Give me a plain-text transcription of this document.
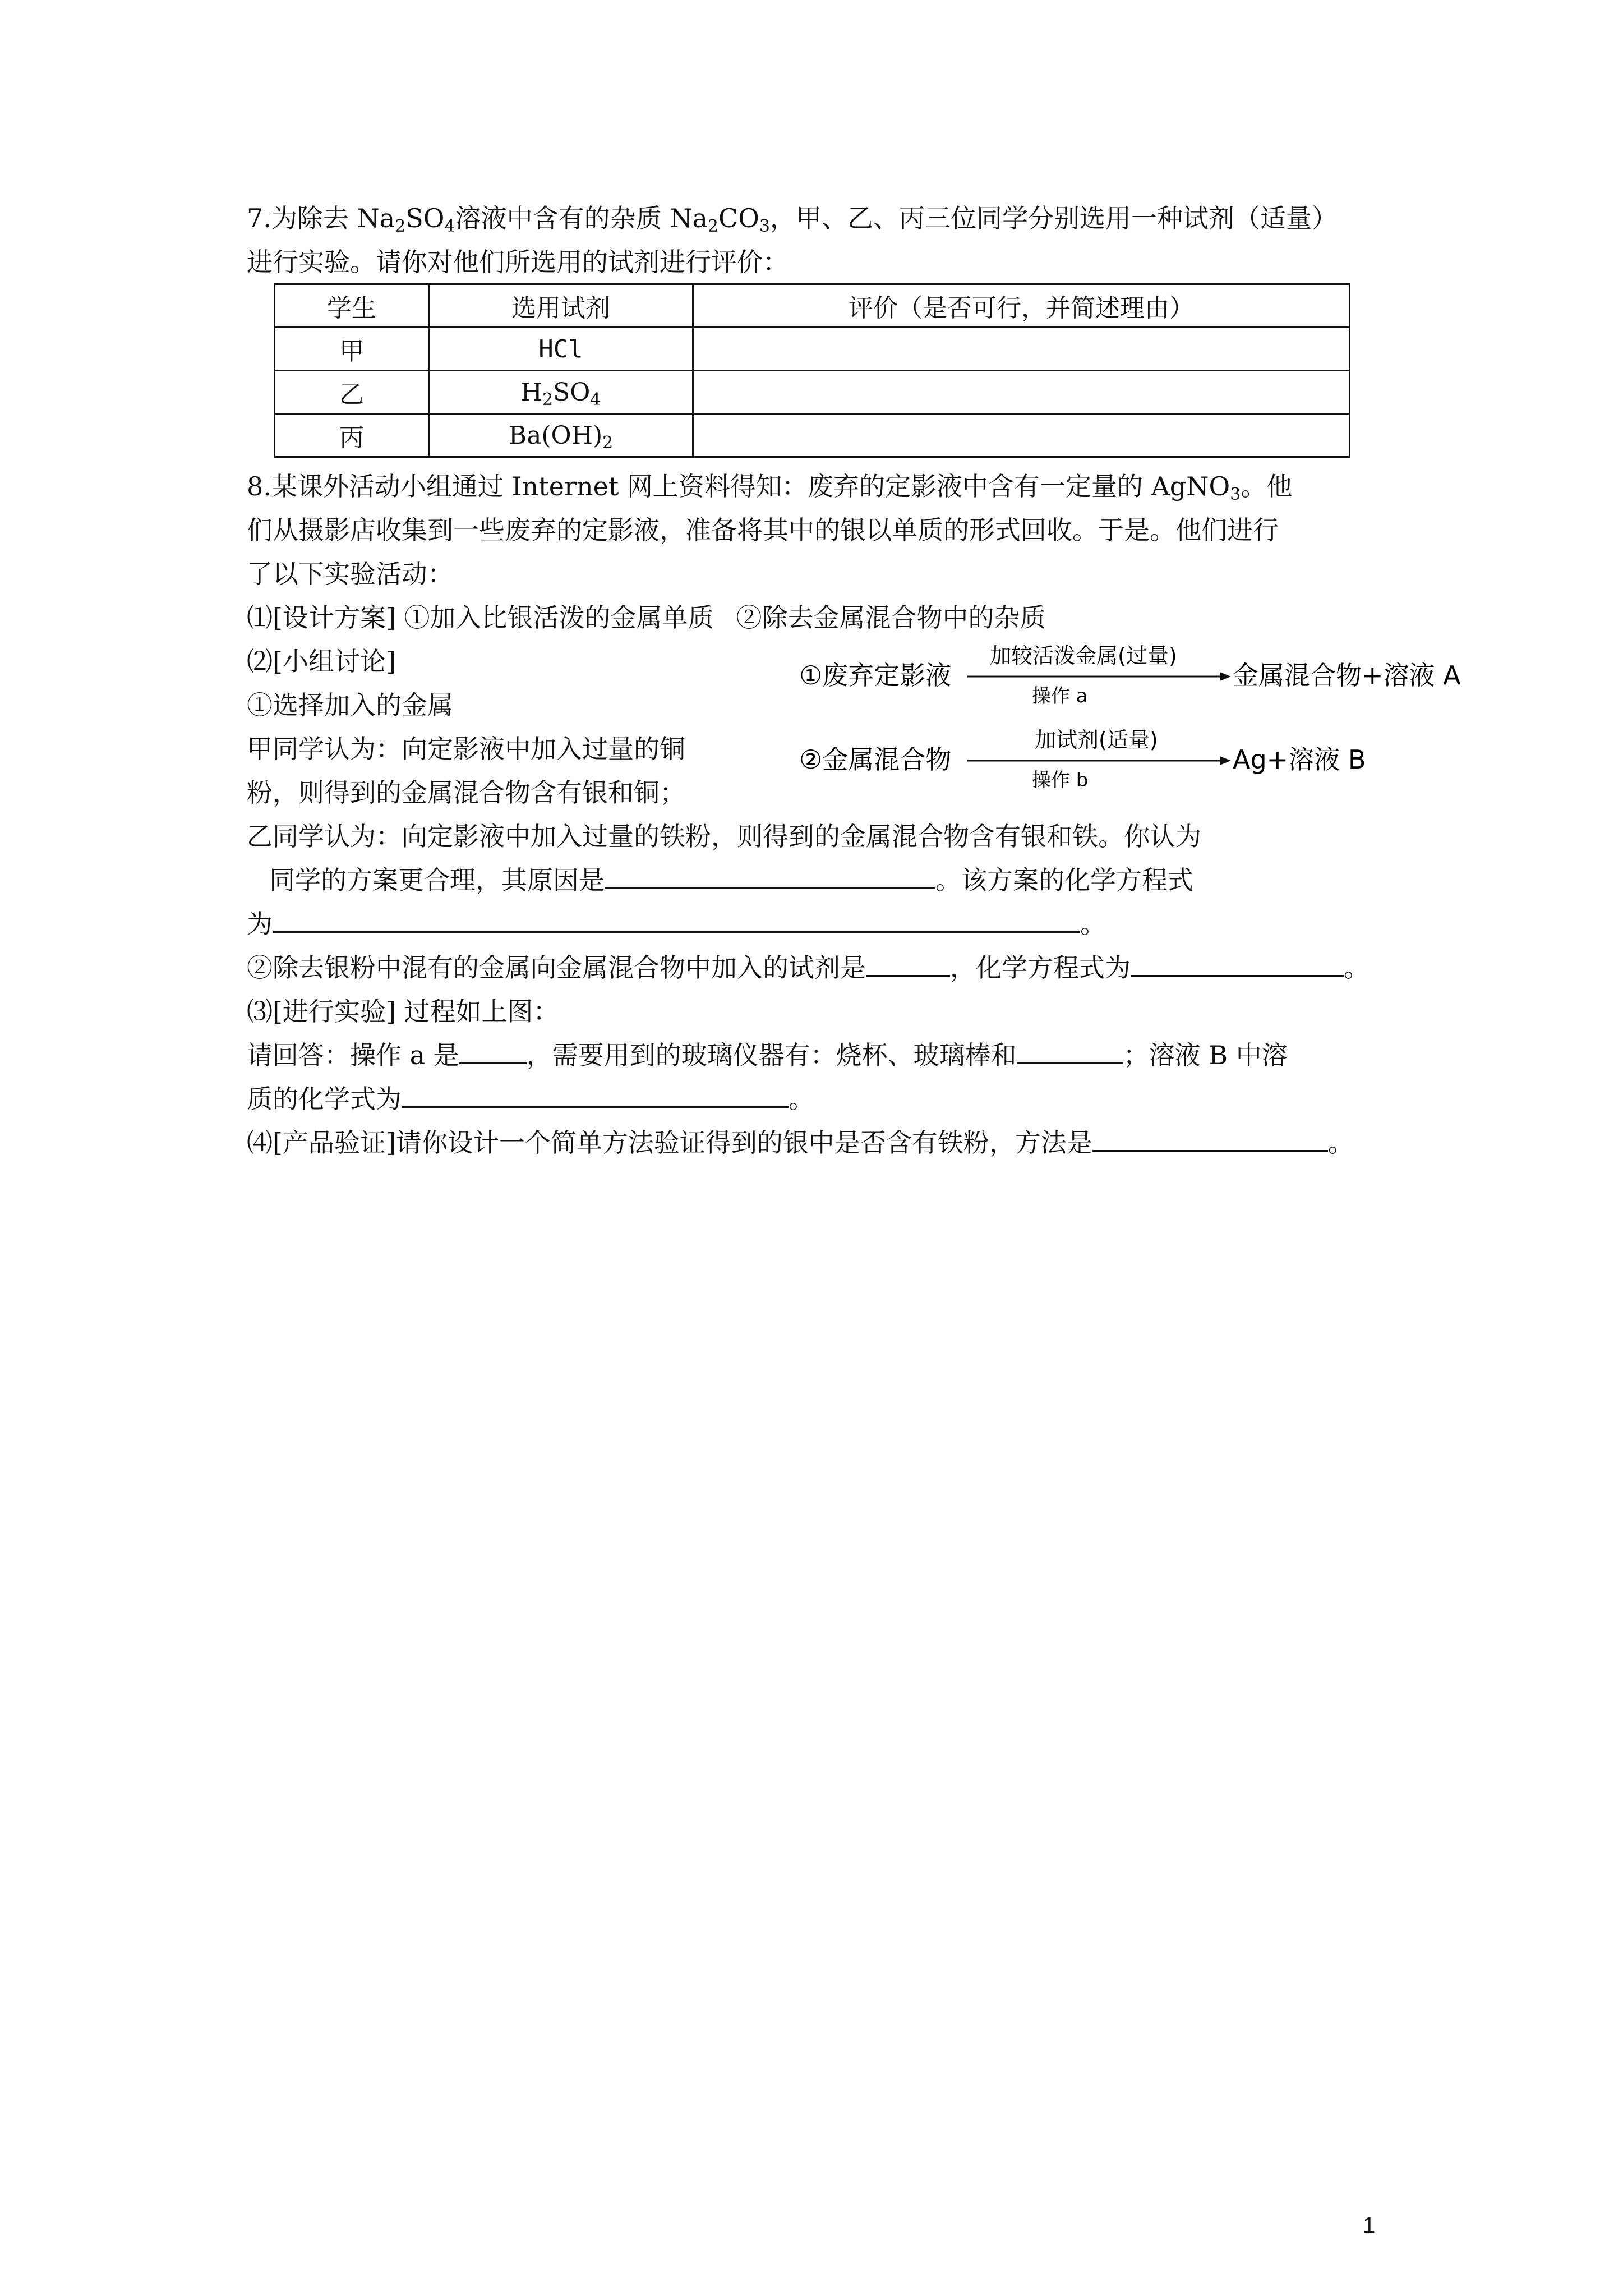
7.为除去 $Na_2SO_4$溶液中含有的杂质 $Na_2CO_3$，甲、乙、丙三位同学分别选用一种试剂（适量）
进行实验。请你对他们所选用的试剂进行评价：
学生	选用试剂	评价（是否可行，并简述理由）
甲	HCl	
乙	$H_2SO_4$	
丙	$Ba(OH)_2$	
8.某课外活动小组通过 Internet 网上资料得知：废弃的定影液中含有一定量的 AgNO$_3$。他
们从摄影店收集到一些废弃的定影液，准备将其中的银以单质的形式回收。于是。他们进行
了以下实验活动：
⑴[设计方案] ①加入比银活泼的金属单质 ②除去金属混合物中的杂质
⑵[小组讨论]
①选择加入的金属
甲同学认为：向定影液中加入过量的铜
粉，则得到的金属混合物含有银和铜；
乙同学认为：向定影液中加入过量的铁粉，则得到的金属混合物含有银和铁。你认为
同学的方案更合理，其原因是	。该方案的化学方程式
为	。
②除去银粉中混有的金属向金属混合物中加入的试剂是	，化学方程式为	。
⑶[进行实验] 过程如上图：
请回答：操作 a 是	，需要用到的玻璃仪器有：烧杯、玻璃棒和	；溶液 B 中溶
质的化学式为	。
⑷[产品验证]请你设计一个简单方法验证得到的银中是否含有铁粉，方法是	。
①废弃定影液
加较活泼金属(过量)
操作 a
金属混合物+溶液 A
②金属混合物
加试剂(适量)
操作 b
Ag+溶液 B
1
